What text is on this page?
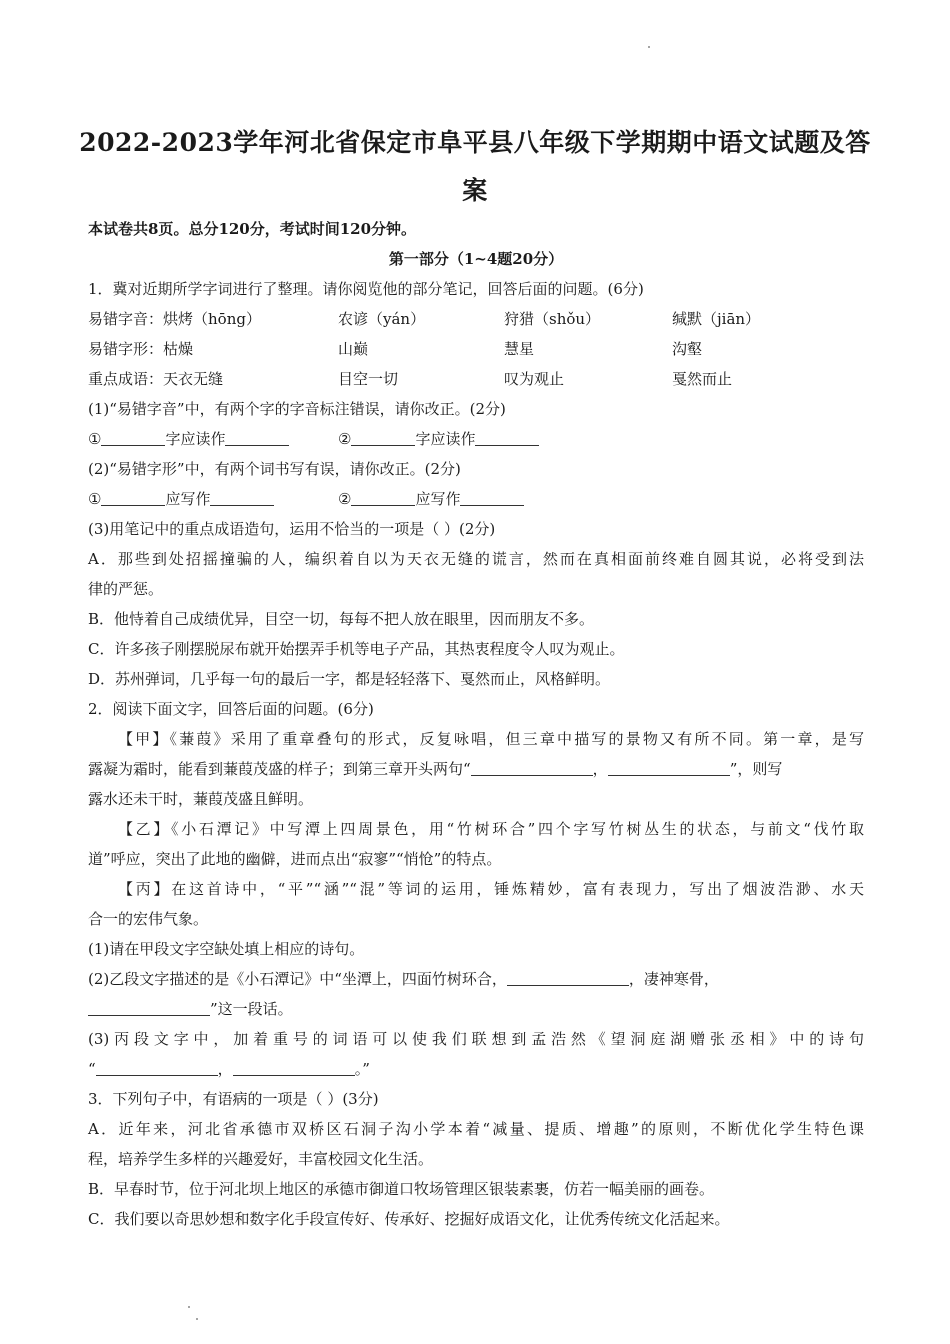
2022-2023学年河北省保定市阜平县八年级下学期期中语文试题及答
案
本试卷共8页。总分120分，考试时间120分钟。
第一部分（1~4题20分）
1．冀对近期所学字词进行了整理。请你阅览他的部分笔记，回答后面的问题。(6分)
易错字音：烘烤（hōng）	农谚（yán）	狩猎（shǒu）	缄默（jiān）
易错字形：枯燥	山巅	慧星	沟壑
重点成语：天衣无缝	目空一切	叹为观止	戛然而止
(1)“易错字音”中，有两个字的字音标注错误，请你改正。(2分)
①	字应读作	②	字应读作
(2)“易错字形”中，有两个词书写有误，请你改正。(2分)
①	应写作	②	应写作
(3)用笔记中的重点成语造句，运用不恰当的一项是（ ）(2分)
A．那些到处招摇撞骗的人，编织着自以为天衣无缝的谎言，然而在真相面前终难自圆其说，必将受到法
律的严惩。
B．他恃着自己成绩优异，目空一切，每每不把人放在眼里，因而朋友不多。
C．许多孩子刚摆脱尿布就开始摆弄手机等电子产品，其热衷程度令人叹为观止。
D．苏州弹词，几乎每一句的最后一字，都是轻轻落下、戛然而止，风格鲜明。
2．阅读下面文字，回答后面的问题。(6分)
【甲】《蒹葭》采用了重章叠句的形式，反复咏唱，但三章中描写的景物又有所不同。第一章，是写
露凝为霜时，能看到蒹葭茂盛的样子；到第三章开头两句“	，	”，则写
露水还未干时，蒹葭茂盛且鲜明。
【乙】《小石潭记》中写潭上四周景色，用“竹树环合”四个字写竹树丛生的状态，与前文“伐竹取
道”呼应，突出了此地的幽僻，进而点出“寂寥”“悄怆”的特点。
【丙】在这首诗中，“平”“涵”“混”等词的运用，锤炼精妙，富有表现力，写出了烟波浩渺、水天
合一的宏伟气象。
(1)请在甲段文字空缺处填上相应的诗句。
(2)乙段文字描述的是《小石潭记》中“坐潭上，四面竹树环合，	，凄神寒骨，
”这一段话。
(3)丙段文字中，加着重号的词语可以使我们联想到孟浩然《望洞庭湖赠张丞相》中的诗句
“	，	。”
3．下列句子中，有语病的一项是（ ）(3分)
A．近年来，河北省承德市双桥区石洞子沟小学本着“减量、提质、增趣”的原则，不断优化学生特色课
程，培养学生多样的兴趣爱好，丰富校园文化生活。
B．早春时节，位于河北坝上地区的承德市御道口牧场管理区银装素裹，仿若一幅美丽的画卷。
C．我们要以奇思妙想和数字化手段宣传好、传承好、挖掘好成语文化，让优秀传统文化活起来。
